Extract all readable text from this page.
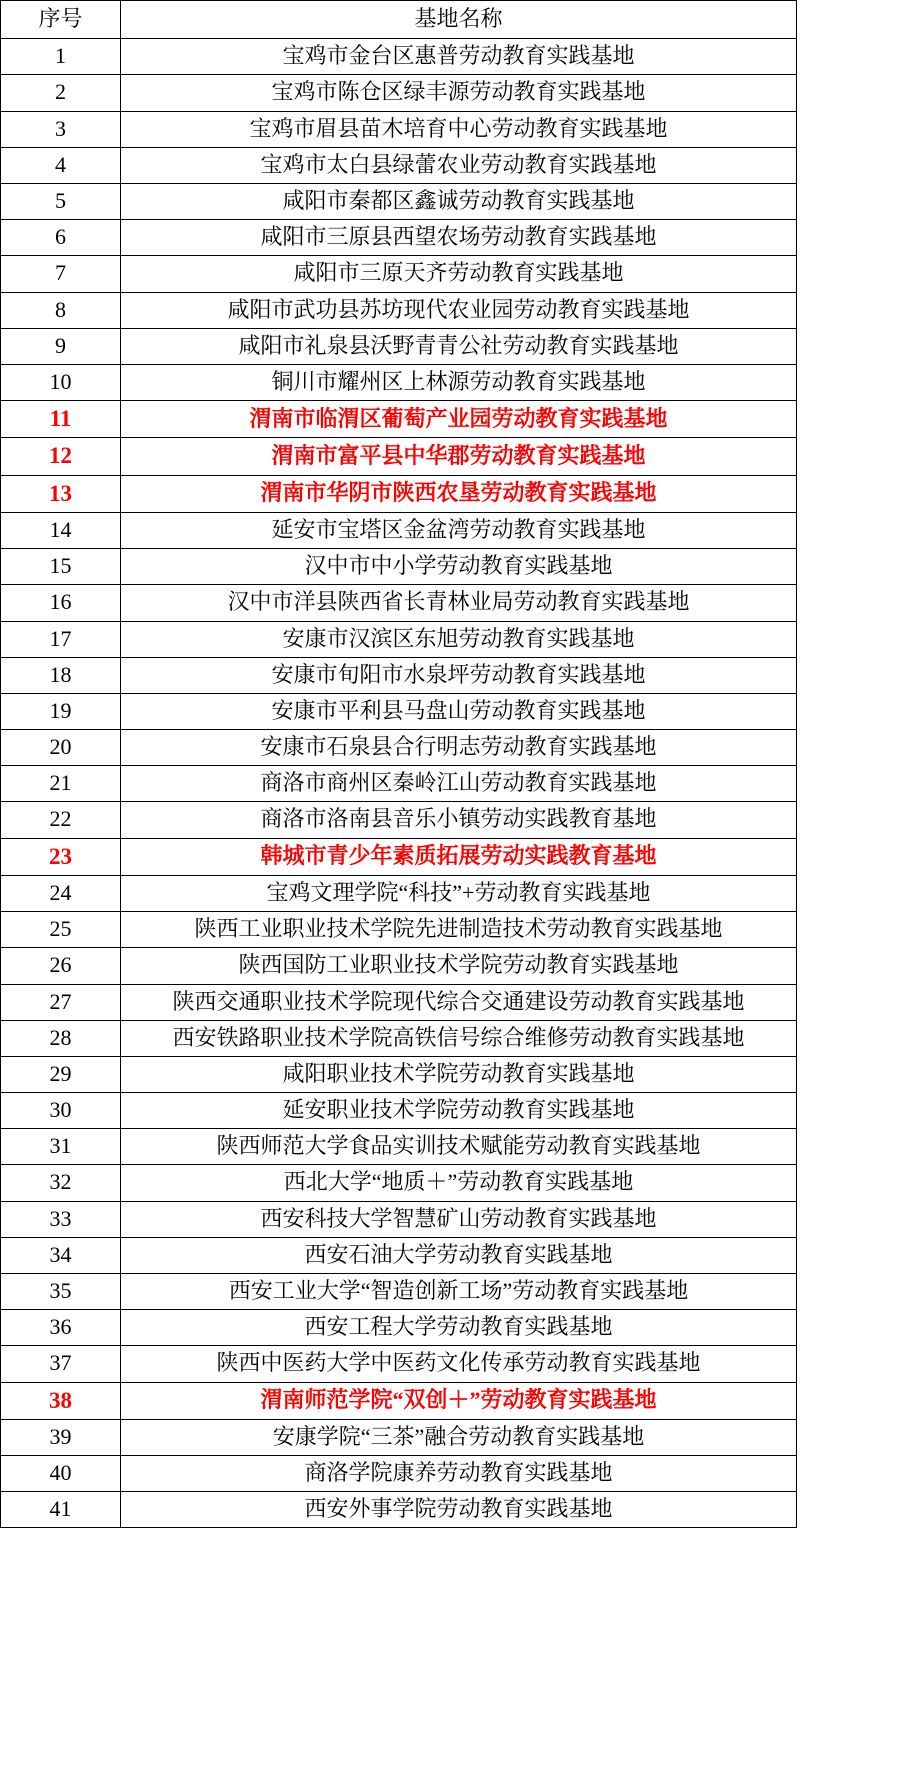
序号	基地名称
1	宝鸡市金台区惠普劳动教育实践基地
2	宝鸡市陈仓区绿丰源劳动教育实践基地
3	宝鸡市眉县苗木培育中心劳动教育实践基地
4	宝鸡市太白县绿蕾农业劳动教育实践基地
5	咸阳市秦都区鑫诚劳动教育实践基地
6	咸阳市三原县西望农场劳动教育实践基地
7	咸阳市三原天齐劳动教育实践基地
8	咸阳市武功县苏坊现代农业园劳动教育实践基地
9	咸阳市礼泉县沃野青青公社劳动教育实践基地
10	铜川市耀州区上林源劳动教育实践基地
11	渭南市临渭区葡萄产业园劳动教育实践基地
12	渭南市富平县中华郡劳动教育实践基地
13	渭南市华阴市陕西农垦劳动教育实践基地
14	延安市宝塔区金盆湾劳动教育实践基地
15	汉中市中小学劳动教育实践基地
16	汉中市洋县陕西省长青林业局劳动教育实践基地
17	安康市汉滨区东旭劳动教育实践基地
18	安康市旬阳市水泉坪劳动教育实践基地
19	安康市平利县马盘山劳动教育实践基地
20	安康市石泉县合行明志劳动教育实践基地
21	商洛市商州区秦岭江山劳动教育实践基地
22	商洛市洛南县音乐小镇劳动实践教育基地
23	韩城市青少年素质拓展劳动实践教育基地
24	宝鸡文理学院“科技”+劳动教育实践基地
25	陕西工业职业技术学院先进制造技术劳动教育实践基地
26	陕西国防工业职业技术学院劳动教育实践基地
27	陕西交通职业技术学院现代综合交通建设劳动教育实践基地
28	西安铁路职业技术学院高铁信号综合维修劳动教育实践基地
29	咸阳职业技术学院劳动教育实践基地
30	延安职业技术学院劳动教育实践基地
31	陕西师范大学食品实训技术赋能劳动教育实践基地
32	西北大学“地质＋”劳动教育实践基地
33	西安科技大学智慧矿山劳动教育实践基地
34	西安石油大学劳动教育实践基地
35	西安工业大学“智造创新工场”劳动教育实践基地
36	西安工程大学劳动教育实践基地
37	陕西中医药大学中医药文化传承劳动教育实践基地
38	渭南师范学院“双创＋”劳动教育实践基地
39	安康学院“三茶”融合劳动教育实践基地
40	商洛学院康养劳动教育实践基地
41	西安外事学院劳动教育实践基地
